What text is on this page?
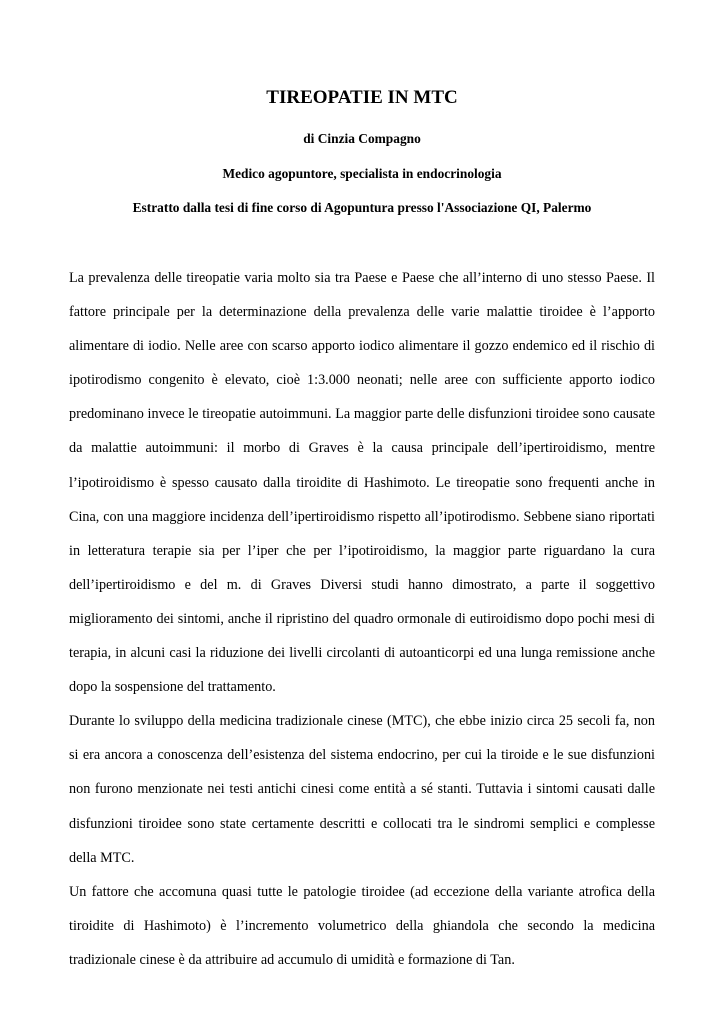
TIREOPATIE IN MTC

di Cinzia Compagno

Medico agopuntore, specialista in endocrinologia

Estratto dalla tesi di fine corso di Agopuntura presso l'Associazione QI, Palermo

La prevalenza delle tireopatie varia molto sia tra Paese e Paese che all’interno di uno stesso Paese. Il fattore principale per la determinazione della prevalenza delle varie malattie tiroidee è l’apporto alimentare di iodio. Nelle aree con scarso apporto iodico alimentare il gozzo endemico ed il rischio di ipotirodismo congenito è elevato, cioè 1:3.000 neonati; nelle aree con sufficiente apporto iodico predominano invece le tireopatie autoimmuni. La maggior parte delle disfunzioni tiroidee sono causate da malattie autoimmuni: il morbo di Graves è la causa principale dell’ipertiroidismo, mentre l’ipotiroidismo è spesso causato dalla tiroidite di Hashimoto. Le tireopatie sono frequenti anche in Cina, con una maggiore incidenza dell’ipertiroidismo rispetto all’ipotirodismo. Sebbene siano riportati in letteratura terapie sia per l’iper che per l’ipotiroidismo, la maggior parte riguardano la cura dell’ipertiroidismo e del m. di Graves Diversi studi hanno dimostrato, a parte il soggettivo miglioramento dei sintomi, anche il ripristino del quadro ormonale di eutiroidismo dopo pochi mesi di terapia, in alcuni casi la riduzione dei livelli circolanti di autoanticorpi ed una lunga remissione anche dopo la sospensione del trattamento.

Durante lo sviluppo della medicina tradizionale cinese (MTC), che ebbe inizio circa 25 secoli fa, non si era ancora a conoscenza dell’esistenza del sistema endocrino, per cui la tiroide e le sue disfunzioni non furono menzionate nei testi antichi cinesi come entità a sé stanti. Tuttavia i sintomi causati dalle disfunzioni tiroidee sono state certamente descritti e collocati tra le sindromi semplici e complesse della MTC.

Un fattore che accomuna quasi tutte le patologie tiroidee (ad eccezione della variante atrofica della tiroidite di Hashimoto) è l’incremento volumetrico della ghiandola che secondo la medicina tradizionale cinese è da attribuire ad accumulo di umidità e formazione di Tan.
